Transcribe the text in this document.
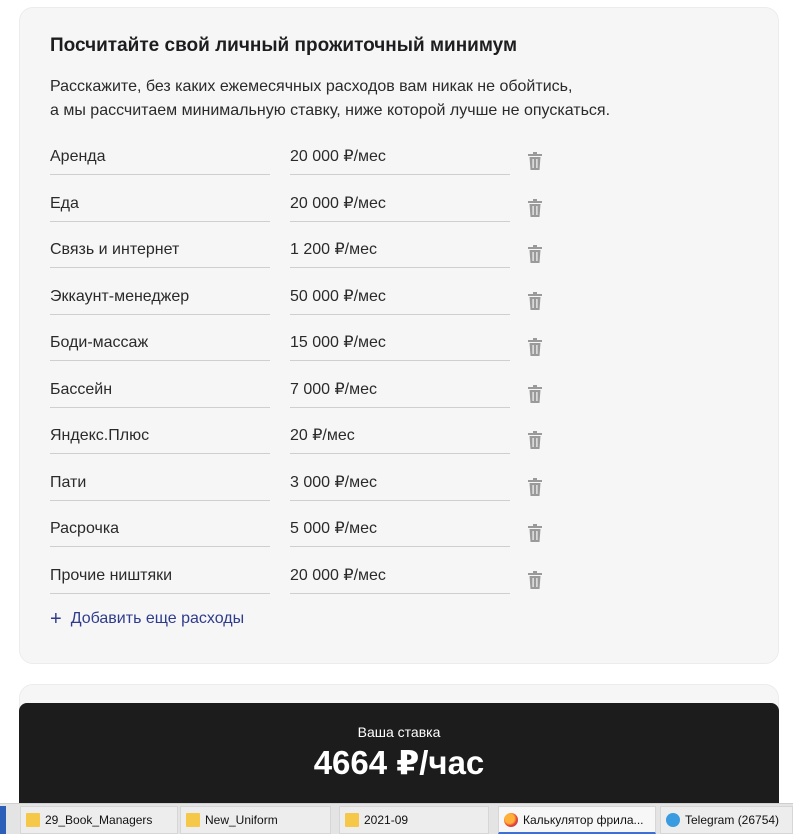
Посчитайте свой личный прожиточный минимум
Расскажите, без каких ежемесячных расходов вам никак не обойтись,
а мы рассчитаем минимальную ставку, ниже которой лучше не опускаться.
Аренда	20 000 ₽/мес
Еда	20 000 ₽/мес
Связь и интернет	1 200 ₽/мес
Эккаунт-менеджер	50 000 ₽/мес
Боди-массаж	15 000 ₽/мес
Бассейн	7 000 ₽/мес
Яндекс.Плюс	20 ₽/мес
Пати	3 000 ₽/мес
Расрочка	5 000 ₽/мес
Прочие ништяки	20 000 ₽/мес
+ Добавить еще расходы
Ваша ставка
4664 ₽/час
29_Book_Managers	New_Uniform	2021-09	Калькулятор фрила...	Telegram (26754)
